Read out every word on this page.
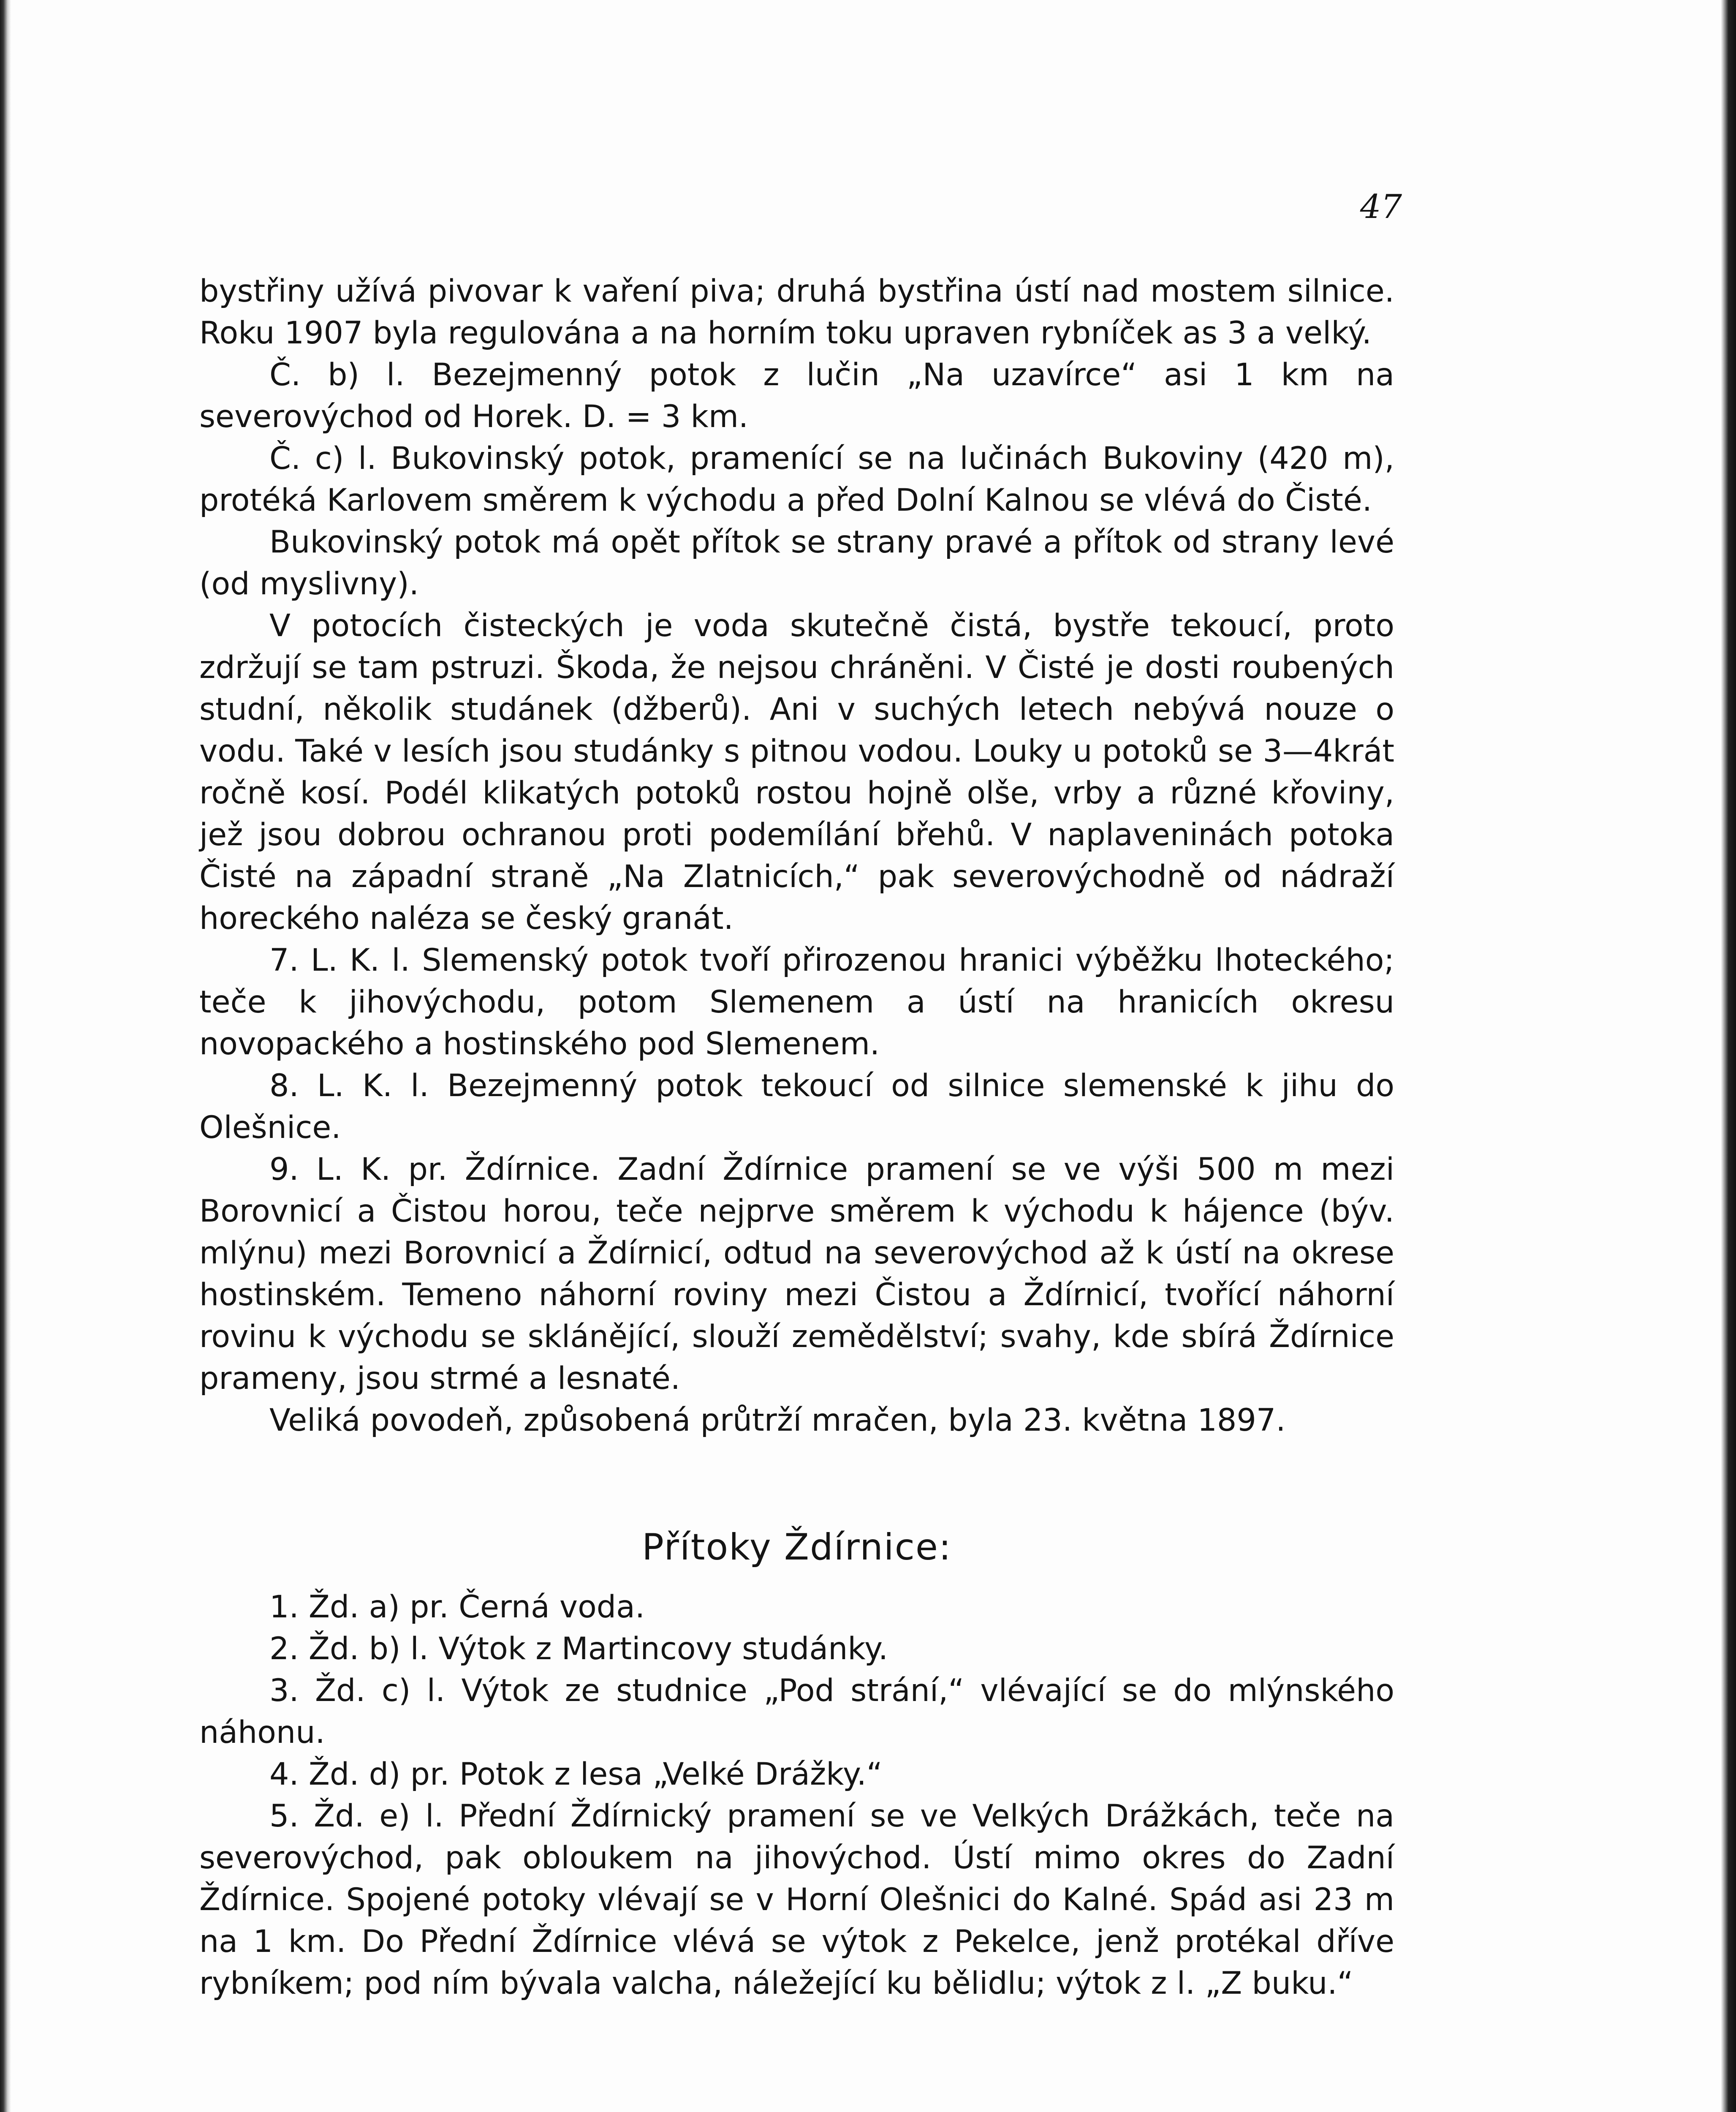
47

bystřiny užívá pivovar k vaření piva; druhá bystřina ústí nad mostem silnice. Roku 1907 byla regulována a na horním toku upraven rybníček as 3 a velký.

Č. b) l. Bezejmenný potok z lučin „Na uzavírce“ asi 1 km na severovýchod od Horek. D. = 3 km.

Č. c) l. Bukovinský potok, pramenící se na lučinách Bukoviny (420 m), protéká Karlovem směrem k východu a před Dolní Kalnou se vlévá do Čisté.

Bukovinský potok má opět přítok se strany pravé a přítok od strany levé (od myslivny).

V potocích čisteckých je voda skutečně čistá, bystře tekoucí, proto zdržují se tam pstruzi. Škoda, že nejsou chráněni. V Čisté je dosti roubených studní, několik studánek (džberů). Ani v suchých letech nebývá nouze o vodu. Také v lesích jsou studánky s pitnou vodou. Louky u potoků se 3—4krát ročně kosí. Podél klikatých potoků rostou hojně olše, vrby a různé křoviny, jež jsou dobrou ochranou proti podemílání břehů. V naplaveninách potoka Čisté na západní straně „Na Zlatnicích,“ pak severovýchodně od nádraží horeckého naléza se český granát.

7. L. K. l. Slemenský potok tvoří přirozenou hranici výběžku lhoteckého; teče k jihovýchodu, potom Slemenem a ústí na hranicích okresu novopackého a hostinského pod Slemenem.

8. L. K. l. Bezejmenný potok tekoucí od silnice slemenské k jihu do Olešnice.

9. L. K. pr. Ždírnice. Zadní Ždírnice pramení se ve výši 500 m mezi Borovnicí a Čistou horou, teče nejprve směrem k východu k hájence (býv. mlýnu) mezi Borovnicí a Ždírnicí, odtud na severovýchod až k ústí na okrese hostinském. Temeno náhorní roviny mezi Čistou a Ždírnicí, tvořící náhorní rovinu k východu se sklánějící, slouží zemědělství; svahy, kde sbírá Ždírnice prameny, jsou strmé a lesnaté.

Veliká povodeň, způsobená průtrží mračen, byla 23. května 1897.

Přítoky Ždírnice:

1. Žd. a) pr. Černá voda.

2. Žd. b) l. Výtok z Martincovy studánky.

3. Žd. c) l. Výtok ze studnice „Pod strání,“ vlévající se do mlýnského náhonu.

4. Žd. d) pr. Potok z lesa „Velké Drážky.“

5. Žd. e) l. Přední Ždírnický pramení se ve Velkých Drážkách, teče na severovýchod, pak obloukem na jihovýchod. Ústí mimo okres do Zadní Ždírnice. Spojené potoky vlévají se v Horní Olešnici do Kalné. Spád asi 23 m na 1 km. Do Přední Ždírnice vlévá se výtok z Pekelce, jenž protékal dříve rybníkem; pod ním bývala valcha, náležející ku bělidlu; výtok z l. „Z buku.“
